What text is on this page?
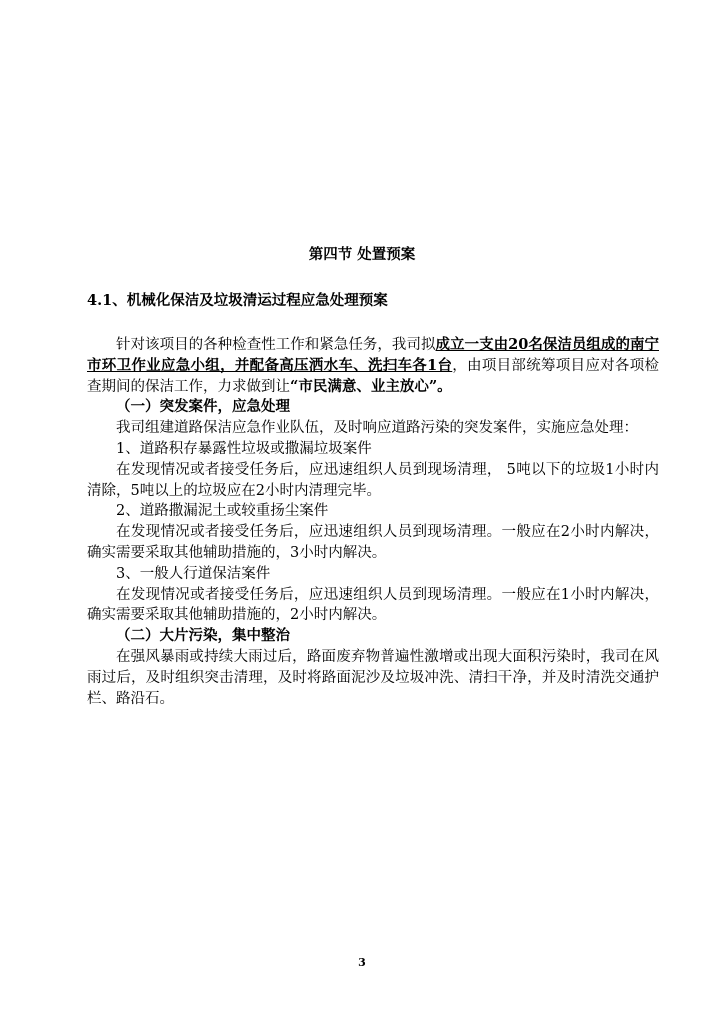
第四节 处置预案
4.1、机械化保洁及垃圾清运过程应急处理预案

针对该项目的各种检查性工作和紧急任务，我司拟成立一支由20名保洁员组成的南宁市环卫作业应急小组，并配备高压洒水车、洗扫车各1台，由项目部统筹项目应对各项检查期间的保洁工作，力求做到让“市民满意、业主放心”。

（一）突发案件，应急处理

我司组建道路保洁应急作业队伍，及时响应道路污染的突发案件，实施应急处理：

1、道路积存暴露性垃圾或撒漏垃圾案件

在发现情况或者接受任务后，应迅速组织人员到现场清理， 5吨以下的垃圾1小时内清除，5吨以上的垃圾应在2小时内清理完毕。

2、道路撒漏泥土或较重扬尘案件

在发现情况或者接受任务后，应迅速组织人员到现场清理。一般应在2小时内解决，确实需要采取其他辅助措施的，3小时内解决。

3、一般人行道保洁案件

在发现情况或者接受任务后，应迅速组织人员到现场清理。一般应在1小时内解决，确实需要采取其他辅助措施的，2小时内解决。

（二）大片污染，集中整治

在强风暴雨或持续大雨过后，路面废弃物普遍性激增或出现大面积污染时，我司在风雨过后，及时组织突击清理，及时将路面泥沙及垃圾冲洗、清扫干净，并及时清洗交通护栏、路沿石。

3
